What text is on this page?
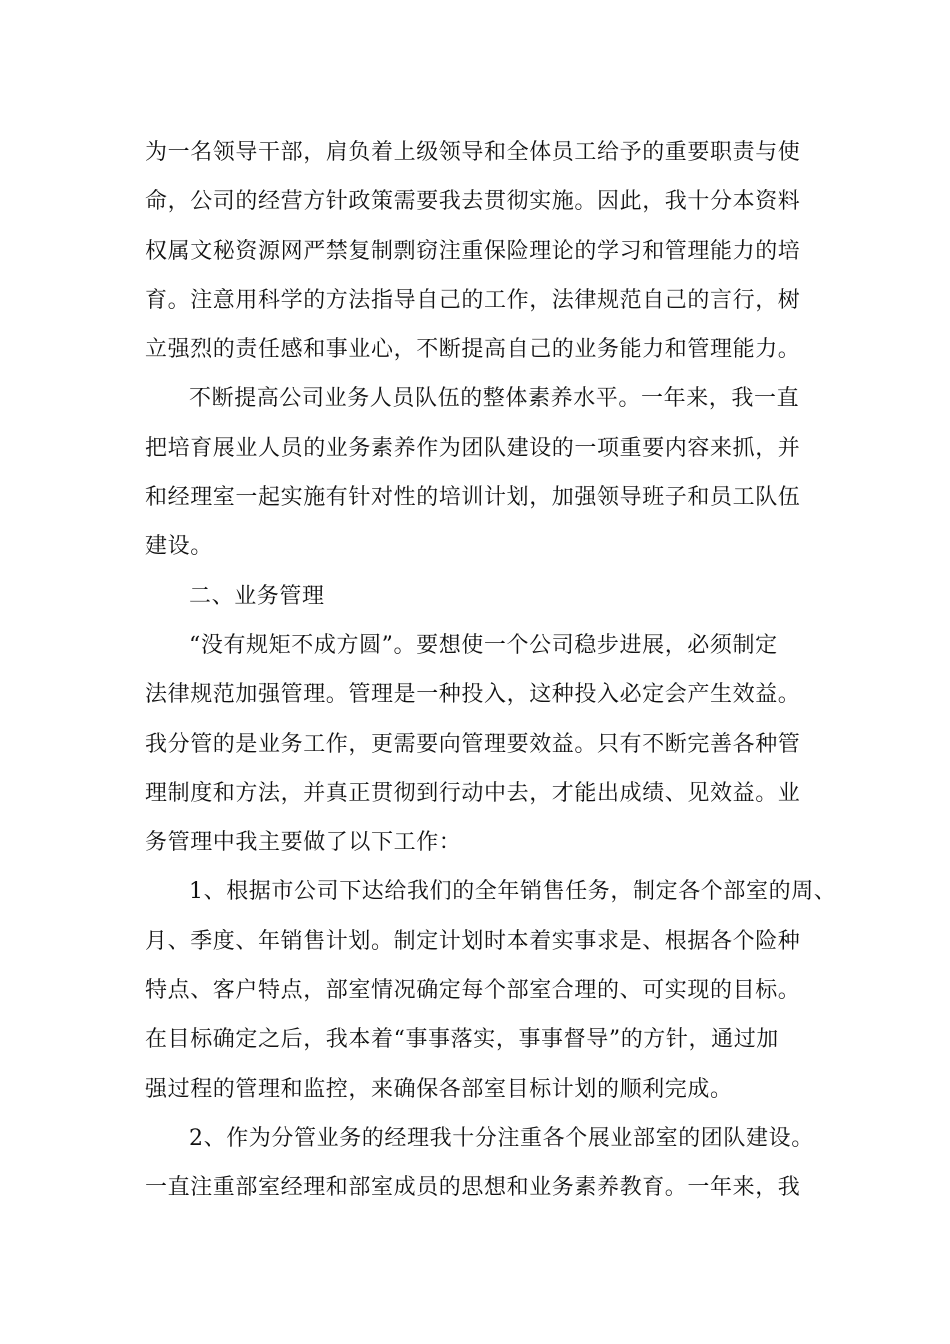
为一名领导干部，肩负着上级领导和全体员工给予的重要职责与使
命，公司的经营方针政策需要我去贯彻实施。因此，我十分本资料
权属文秘资源网严禁复制剽窃注重保险理论的学习和管理能力的培
育。注意用科学的方法指导自己的工作，法律规范自己的言行，树
立强烈的责任感和事业心，不断提高自己的业务能力和管理能力。
不断提高公司业务人员队伍的整体素养水平。一年来，我一直
把培育展业人员的业务素养作为团队建设的一项重要内容来抓，并
和经理室一起实施有针对性的培训计划，加强领导班子和员工队伍
建设。
二、业务管理
“没有规矩不成方圆”。要想使一个公司稳步进展，必须制定
法律规范加强管理。管理是一种投入，这种投入必定会产生效益。
我分管的是业务工作，更需要向管理要效益。只有不断完善各种管
理制度和方法，并真正贯彻到行动中去，才能出成绩、见效益。业
务管理中我主要做了以下工作：
1、根据市公司下达给我们的全年销售任务，制定各个部室的周、
月、季度、年销售计划。制定计划时本着实事求是、根据各个险种
特点、客户特点，部室情况确定每个部室合理的、可实现的目标。
在目标确定之后，我本着“事事落实，事事督导”的方针，通过加
强过程的管理和监控，来确保各部室目标计划的顺利完成。
2、作为分管业务的经理我十分注重各个展业部室的团队建设。
一直注重部室经理和部室成员的思想和业务素养教育。一年来，我
